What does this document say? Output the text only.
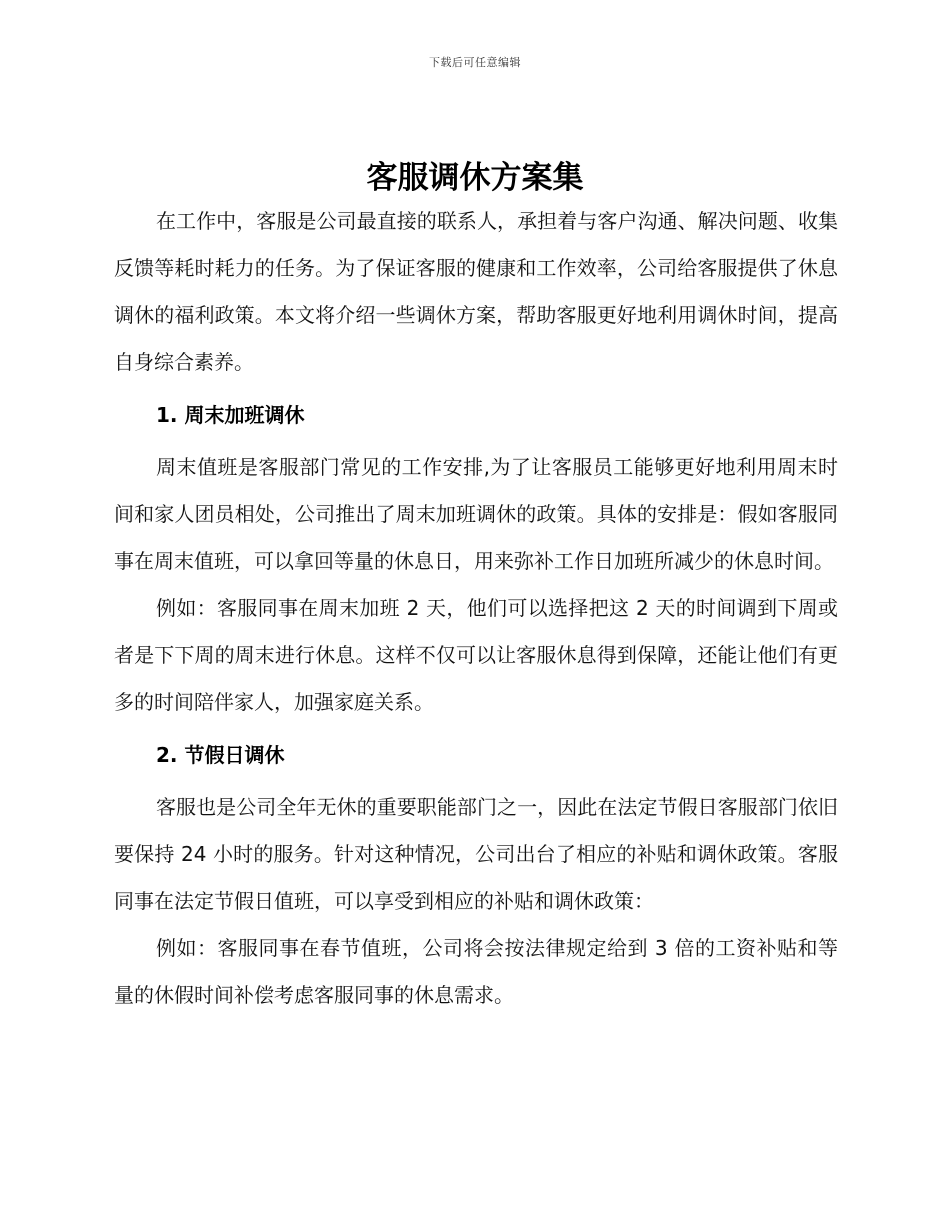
下载后可任意编辑
客服调休方案集

在工作中，客服是公司最直接的联系人，承担着与客户沟通、解决问题、收集反馈等耗时耗力的任务。为了保证客服的健康和工作效率，公司给客服提供了休息调休的福利政策。本文将介绍一些调休方案，帮助客服更好地利用调休时间，提高自身综合素养。

1. 周末加班调休

周末值班是客服部门常见的工作安排,为了让客服员工能够更好地利用周末时间和家人团员相处，公司推出了周末加班调休的政策。具体的安排是：假如客服同事在周末值班，可以拿回等量的休息日，用来弥补工作日加班所减少的休息时间。

例如：客服同事在周末加班 2 天，他们可以选择把这 2 天的时间调到下周或者是下下周的周末进行休息。这样不仅可以让客服休息得到保障，还能让他们有更多的时间陪伴家人，加强家庭关系。

2. 节假日调休

客服也是公司全年无休的重要职能部门之一，因此在法定节假日客服部门依旧要保持 24 小时的服务。针对这种情况，公司出台了相应的补贴和调休政策。客服同事在法定节假日值班，可以享受到相应的补贴和调休政策：

例如：客服同事在春节值班，公司将会按法律规定给到 3 倍的工资补贴和等量的休假时间补偿考虑客服同事的休息需求。
